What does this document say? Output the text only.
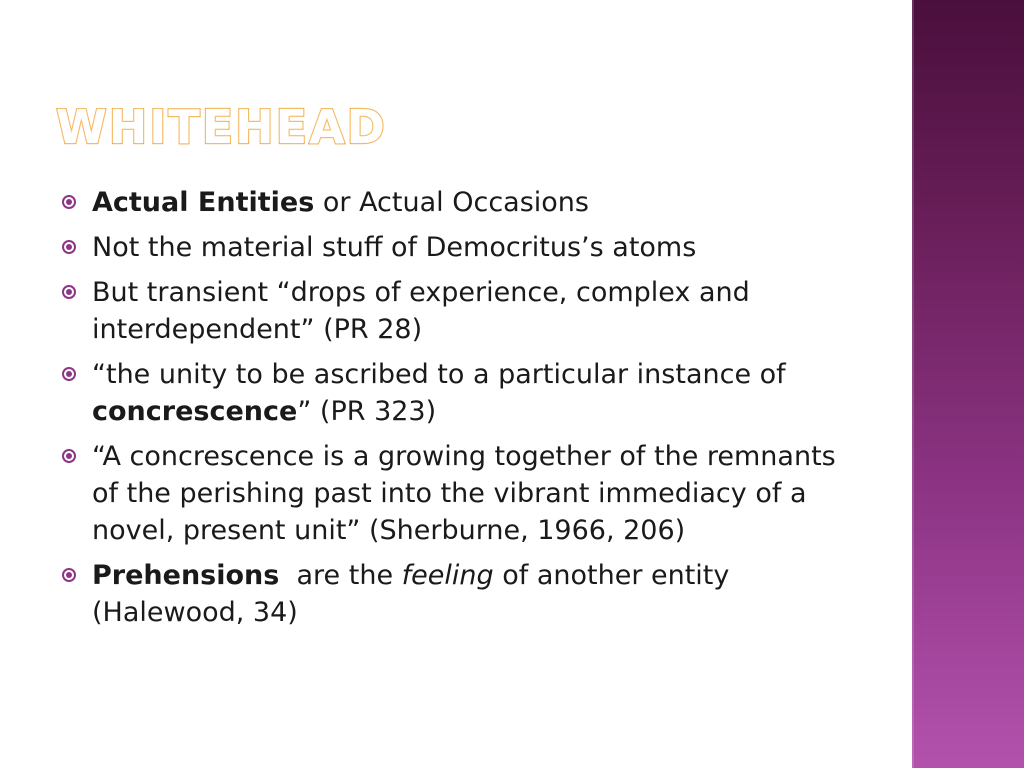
WHITEHEAD
Actual Entities or Actual Occasions
Not the material stuff of Democritus’s atoms
But transient “drops of experience, complex and interdependent” (PR 28)
“the unity to be ascribed to a particular instance of concrescence” (PR 323)
“A concrescence is a growing together of the remnants of the perishing past into the vibrant immediacy of a novel, present unit” (Sherburne, 1966, 206)
Prehensions  are the feeling of another entity (Halewood, 34)
